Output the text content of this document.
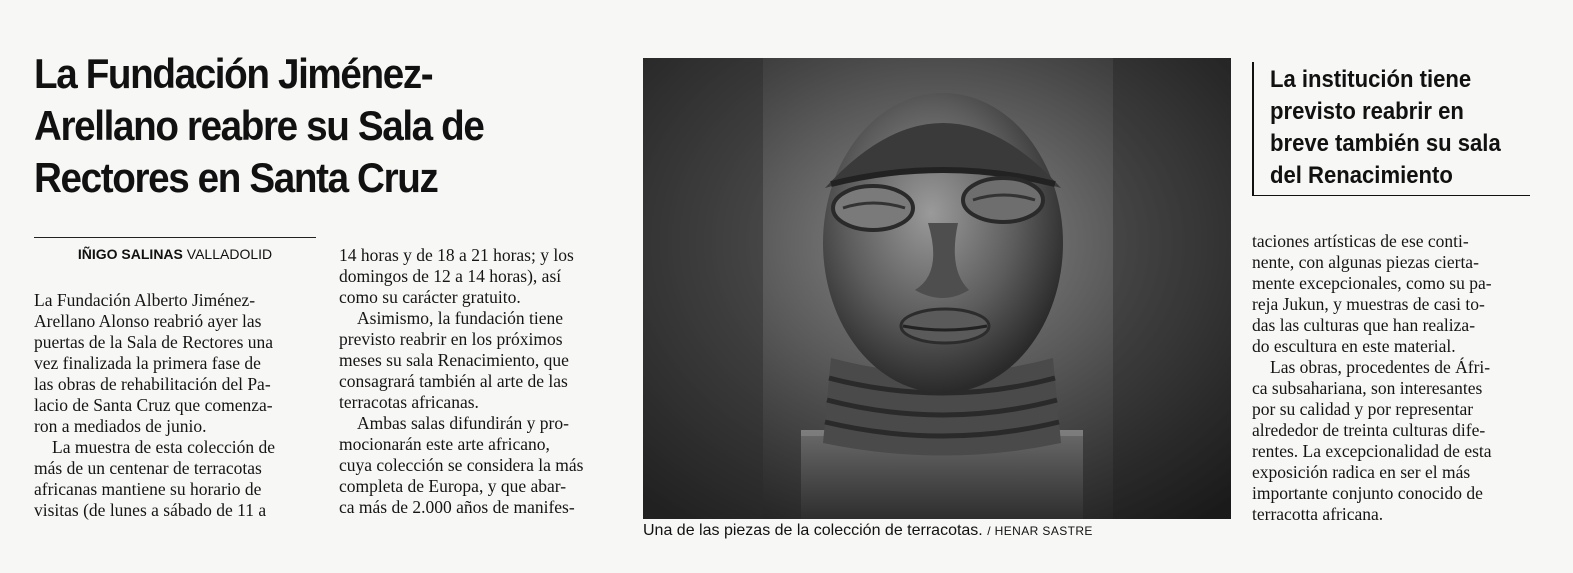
La Fundación Jiménez-
Arellano reabre su Sala de
Rectores en Santa Cruz
IÑIGO SALINAS VALLADOLID
La Fundación Alberto Jiménez-
Arellano Alonso reabrió ayer las
puertas de la Sala de Rectores una
vez finalizada la primera fase de
las obras de rehabilitación del Pa-
lacio de Santa Cruz que comenza-
ron a mediados de junio.
La muestra de esta colección de
más de un centenar de terracotas
africanas mantiene su horario de
visitas (de lunes a sábado de 11 a
14 horas y de 18 a 21 horas; y los
domingos de 12 a 14 horas), así
como su carácter gratuito.
Asimismo, la fundación tiene
previsto reabrir en los próximos
meses su sala Renacimiento, que
consagrará también al arte de las
terracotas africanas.
Ambas salas difundirán y pro-
mocionarán este arte africano,
cuya colección se considera la más
completa de Europa, y que abar-
ca más de 2.000 años de manifes-
Una de las piezas de la colección de terracotas. / HENAR SASTRE
La institución tiene
previsto reabrir en
breve también su sala
del Renacimiento
taciones artísticas de ese conti-
nente, con algunas piezas cierta-
mente excepcionales, como su pa-
reja Jukun, y muestras de casi to-
das las culturas que han realiza-
do escultura en este material.
Las obras, procedentes de Áfri-
ca subsahariana, son interesantes
por su calidad y por representar
alrededor de treinta culturas dife-
rentes. La excepcionalidad de esta
exposición radica en ser el más
importante conjunto conocido de
terracotta africana.
